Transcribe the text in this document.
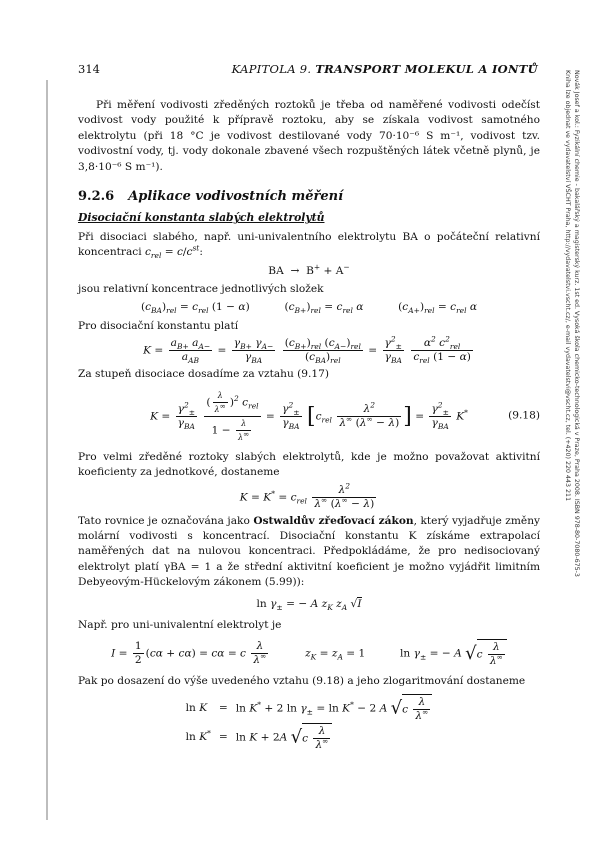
314	KAPITOLA 9. TRANSPORT MOLEKUL A IONTŮ
Novák Josef a kol.: Fyzikální chemie - bakalářský a magisterský kurz. 1st ed. Vysoká škola chemicko-technologická v Praze, Praha 2008. ISBN 978-80-7080-675-3
Kniha lze objednat ve vydavatelství VŠCHT Praha, http://vydavatelstvi.vscht.cz/, e-mail vydavatelstvi@vscht.cz, tel. (+420) 220 443 211

Při měření vodivosti zředěných roztoků je třeba od naměřené vodivosti odečíst vodivost vody použité k přípravě roztoku, aby se získala vodivost samotného elektrolytu (při 18 °C je vodivost destilované vody 70·10⁻⁶ S m⁻¹, vodivost tzv. vodivostní vody, tj. vody dokonale zbavené všech rozpuštěných látek včetně plynů, je 3,8·10⁻⁶ S m⁻¹).

9.2.6 Aplikace vodivostních měření
Disociační konstanta slabých elektrolytů

Při disociaci slabého, např. uni-univalentního elektrolytu BA o počáteční relativní koncentraci $c_{rel} = c/c^{st}$:

BA  →  B+ + A−

jsou relativní koncentrace jednotlivých složek

$(c_{BA})_{rel} = c_{rel}$ (1 − α)	$(c_{B+})_{rel} = c_{rel}$ α	$(c_{A+})_{rel} = c_{rel}$ α

Pro disociační konstantu platí

$K = \frac{a_{B+} a_{A-}}{a_{AB}} = \frac{\gamma_{B+} \gamma_{A-}}{\gamma_{BA}}$
$\frac{(c_{B+})_{rel} (c_{A-})_{rel}}{(c_{BA})_{rel}} = \frac{\gamma^2_\pm}{\gamma_{BA}}$
$\frac{\alpha^2 c^2_{rel}}{c_{rel} (1 - \alpha)}$

Za stupeň disociace dosadíme za vztahu (9.17)

$K = \frac{\gamma^2_\pm}{\gamma_{BA}}$
$\frac{( \frac{\lambda}{\lambda^\infty} )^2 c_{rel}}{1 - \frac{\lambda}{\lambda^\infty}} = \frac{\gamma^2_\pm}{\gamma_{BA}} [c_{rel} \frac{\lambda^2}{\lambda^\infty (\lambda^\infty - \lambda)}$ ] = $\frac{\gamma^2_\pm}{\gamma_{BA}} K^*$	(9.18)

Pro velmi zředěné roztoky slabých elektrolytů, kde je možno považovat aktivitní koeficienty za jednotkové, dostaneme

$K = K^* = c_{rel} \frac{\lambda^2}{\lambda^\infty (\lambda^\infty - \lambda)}$

Tato rovnice je označována jako Ostwaldův zřeďovací zákon, který vyjadřuje změny molární vodivosti s koncentrací. Disociační konstantu K získáme extrapolací naměřených dat na nulovou koncentraci. Předpokládáme, že pro nedisociovaný elektrolyt platí γBA = 1 a že střední aktivitní koeficient je možno vyjádřit limitním Debyeovým-Hückelovým zákonem (5.99)):

$\ln \gamma_\pm$ = − A $z_K$ $z_A$ √I

Např. pro uni-univalentní elektrolyt je

$I = \frac{1}{2} (c\alpha + c\alpha) = c\alpha = c \frac{\lambda}{\lambda^\infty}$	$z_K = z_A = 1$	$\ln \gamma_\pm$ = − A $√c \frac{\lambda}{\lambda^\infty}$

Pak po dosazení do výše uvedeného vztahu (9.18) a jeho zlogaritmování dostaneme

ln K	= ln K* + 2 $\ln \gamma_\pm = \ln K^* - 2$ A $√c \frac{\lambda}{\lambda^\infty}$
ln K* = ln K + 2A $√c \frac{\lambda}{\lambda^\infty}$
